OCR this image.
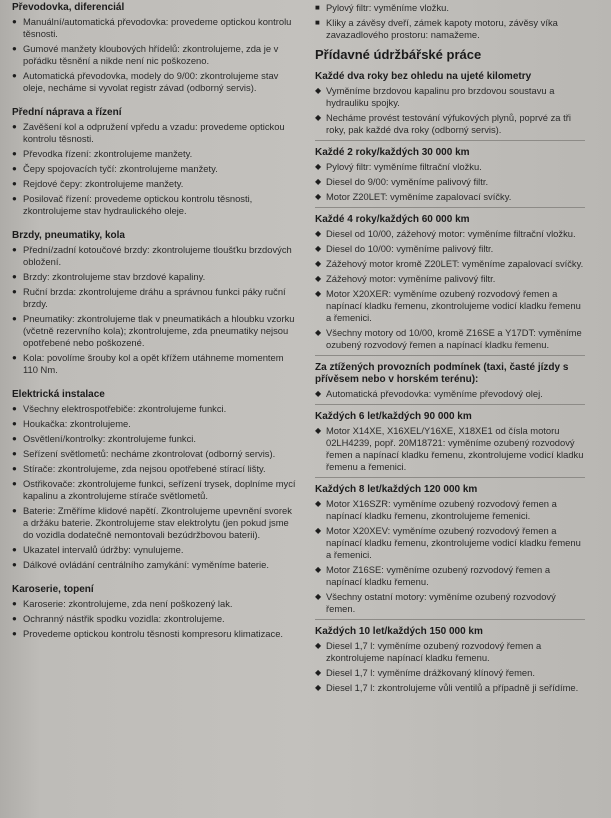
Převodovka, diferenciál
● Manuální/automatická převodovka: provedeme optickou kontrolu těsnosti.
● Gumové manžety kloubových hřídelů: zkontrolujeme, zda je v pořádku těsnění a nikde není nic poškozeno.
● Automatická převodovka, modely do 9/00: zkontrolujeme stav oleje, necháme si vyvolat registr závad (odborný servis).
Přední náprava a řízení
● Zavěšení kol a odpružení vpředu a vzadu: provedeme optickou kontrolu těsnosti.
● Převodka řízení: zkontrolujeme manžety.
● Čepy spojovacích tyčí: zkontrolujeme manžety.
● Rejdové čepy: zkontrolujeme manžety.
● Posilovač řízení: provedeme optickou kontrolu těsnosti, zkontrolujeme stav hydraulického oleje.
Brzdy, pneumatiky, kola
● Přední/zadní kotoučové brzdy: zkontrolujeme tloušťku brzdových obložení.
● Brzdy: zkontrolujeme stav brzdové kapaliny.
● Ruční brzda: zkontrolujeme dráhu a správnou funkci páky ruční brzdy.
● Pneumatiky: zkontrolujeme tlak v pneumatikách a hloubku vzorku (včetně rezervního kola); zkontrolujeme, zda pneumatiky nejsou opotřebené nebo poškozené.
● Kola: povolíme šrouby kol a opět křížem utáhneme momentem 110 Nm.
Elektrická instalace
● Všechny elektrospotřebiče: zkontrolujeme funkci.
● Houkačka: zkontrolujeme.
● Osvětlení/kontrolky: zkontrolujeme funkci.
● Seřízení světlometů: necháme zkontrolovat (odborný servis).
● Stírače: zkontrolujeme, zda nejsou opotřebené stírací lišty.
● Ostřikovače: zkontrolujeme funkci, seřízení trysek, doplníme mycí kapalinu a zkontrolujeme stírače světlometů.
● Baterie: Změříme klidové napětí. Zkontrolujeme upevnění svorek a držáku baterie. Zkontrolujeme stav elektrolytu (jen pokud jsme do vozidla dodatečně nemontovali bezúdržbovou baterii).
● Ukazatel intervalů údržby: vynulujeme.
● Dálkové ovládání centrálního zamykání: vyměníme baterie.
Karoserie, topení
● Karoserie: zkontrolujeme, zda není poškozený lak.
● Ochranný nástřik spodku vozidla: zkontrolujeme.
● Provedeme optickou kontrolu těsnosti kompresoru klimatizace.
■ Pylový filtr: vyměníme vložku.
■ Kliky a závěsy dveří, zámek kapoty motoru, závěsy víka zavazadlového prostoru: namažeme.
Přídavné údržbářské práce
Každé dva roky bez ohledu na ujeté kilometry
◆ Vyměníme brzdovou kapalinu pro brzdovou soustavu a hydrauliku spojky.
◆ Necháme provést testování výfukových plynů, poprvé za tři roky, pak každé dva roky (odborný servis).
Každé 2 roky/každých 30 000 km
◆ Pylový filtr: vyměníme filtrační vložku.
◆ Diesel do 9/00: vyměníme palivový filtr.
◆ Motor Z20LET: vyměníme zapalovací svíčky.
Každé 4 roky/každých 60 000 km
◆ Diesel od 10/00, zážehový motor: vyměníme filtrační vložku.
◆ Diesel do 10/00: vyměníme palivový filtr.
◆ Zážehový motor kromě Z20LET: vyměníme zapalovací svíčky.
◆ Zážehový motor: vyměníme palivový filtr.
◆ Motor X20XER: vyměníme ozubený rozvodový řemen a napínací kladku řemenu, zkontrolujeme vodicí kladku řemenu a řemenici.
◆ Všechny motory od 10/00, kromě Z16SE a Y17DT: vyměníme ozubený rozvodový řemen a napínací kladku řemenu.
Za ztížených provozních podmínek (taxi, časté jízdy s přívěsem nebo v horském terénu):
◆ Automatická převodovka: vyměníme převodový olej.
Každých 6 let/každých 90 000 km
◆ Motor X14XE, X16XEL/Y16XE, X18XE1 od čísla motoru 02LH4239, popř. 20M18721: vyměníme ozubený rozvodový řemen a napínací kladku řemenu, zkontrolujeme vodicí kladku řemenu a řemenici.
Každých 8 let/každých 120 000 km
◆ Motor X16SZR: vyměníme ozubený rozvodový řemen a napínací kladku řemenu, zkontrolujeme řemenici.
◆ Motor X20XEV: vyměníme ozubený rozvodový řemen a napínací kladku řemenu, zkontrolujeme vodicí kladku řemenu a řemenici.
◆ Motor Z16SE: vyměníme ozubený rozvodový řemen a napínací kladku řemenu.
◆ Všechny ostatní motory: vyměníme ozubený rozvodový řemen.
Každých 10 let/každých 150 000 km
◆ Diesel 1,7 l: vyměníme ozubený rozvodový řemen a zkontrolujeme napínací kladku řemenu.
◆ Diesel 1,7 l: vyměníme drážkovaný klínový řemen.
◆ Diesel 1,7 l: zkontrolujeme vůli ventilů a případně ji seřídíme.
